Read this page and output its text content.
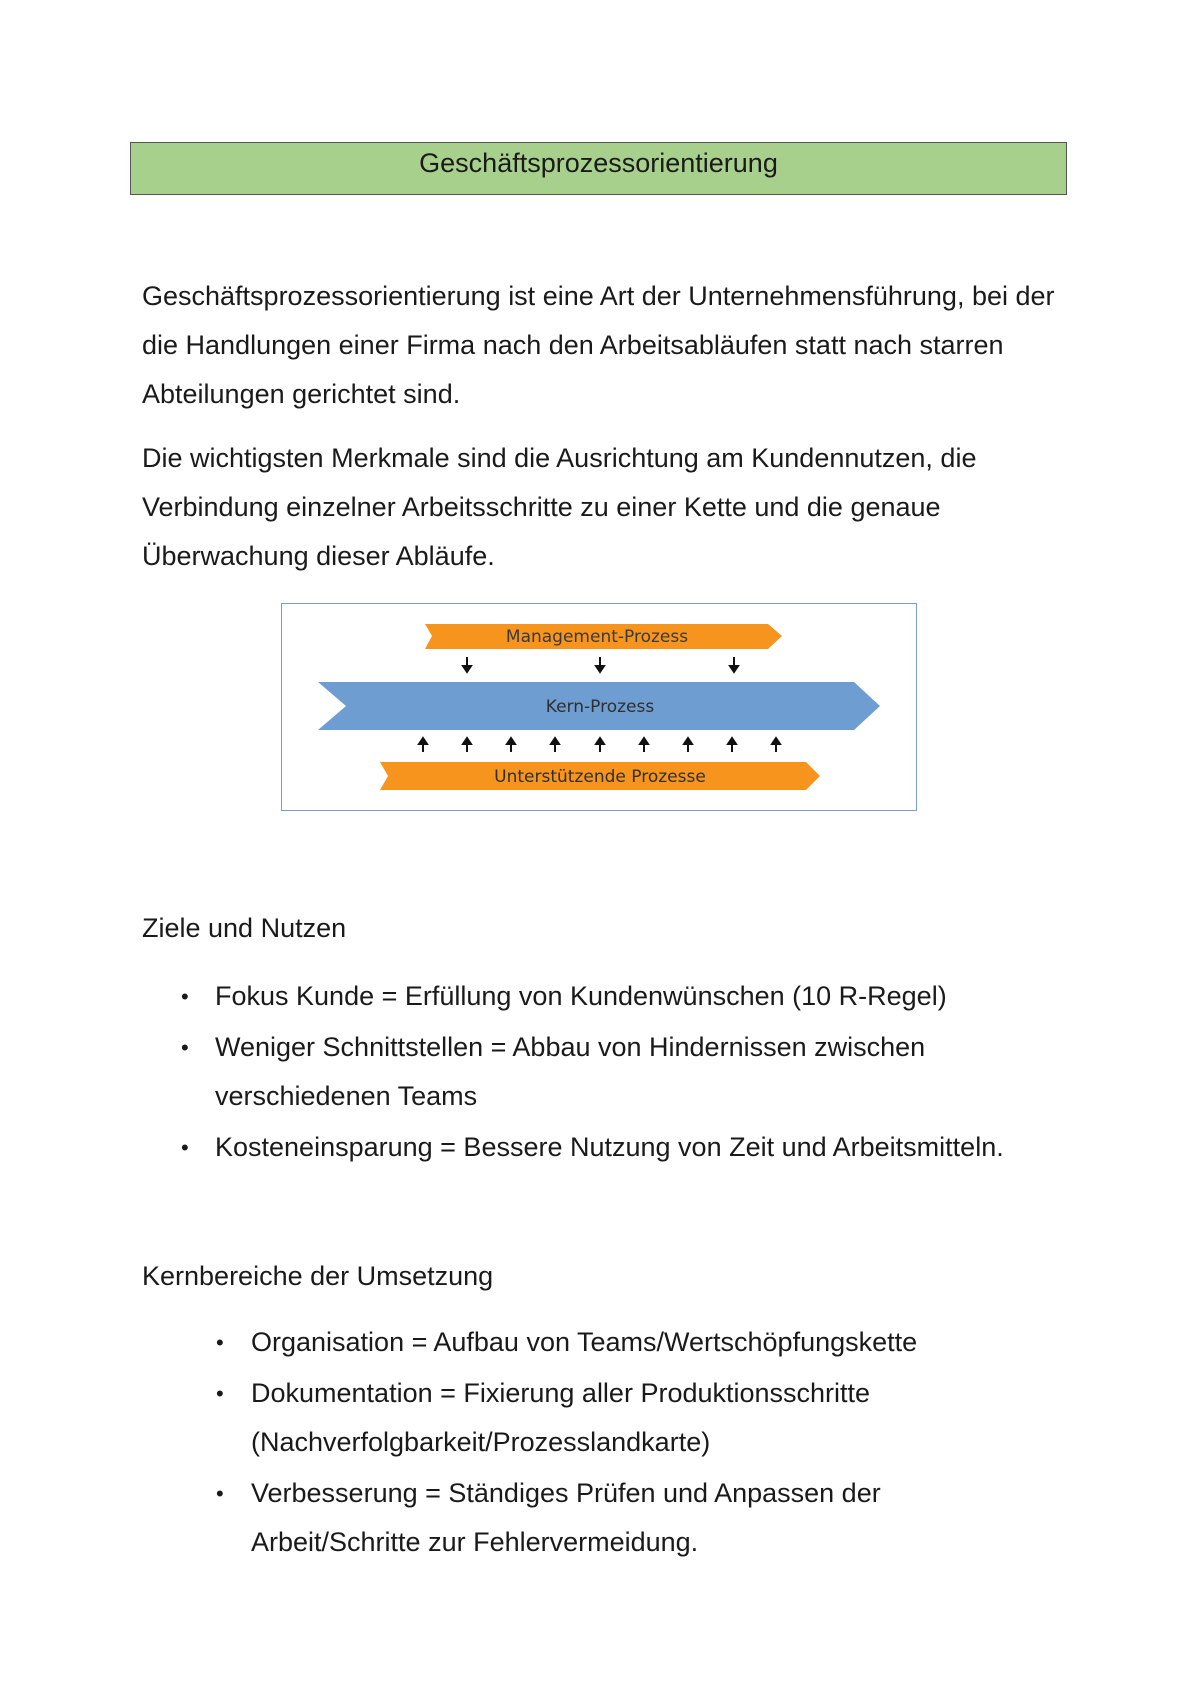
Geschäftsprozessorientierung

Geschäftsprozessorientierung ist eine Art der Unternehmensführung, bei der die Handlungen einer Firma nach den Arbeitsabläufen statt nach starren Abteilungen gerichtet sind.

Die wichtigsten Merkmale sind die Ausrichtung am Kundennutzen, die Verbindung einzelner Arbeitsschritte zu einer Kette und die genaue Überwachung dieser Abläufe.

Management-Prozess
Kern-Prozess
Unterstützende Prozesse
Ziele und Nutzen
• Fokus Kunde = Erfüllung von Kundenwünschen (10 R-Regel)
• Weniger Schnittstellen = Abbau von Hindernissen zwischen verschiedenen Teams
• Kosteneinsparung = Bessere Nutzung von Zeit und Arbeitsmitteln.
Kernbereiche der Umsetzung
• Organisation = Aufbau von Teams/Wertschöpfungskette
• Dokumentation = Fixierung aller Produktionsschritte (Nachverfolgbarkeit/Prozesslandkarte)
• Verbesserung = Ständiges Prüfen und Anpassen der Arbeit/Schritte zur Fehlervermeidung.
